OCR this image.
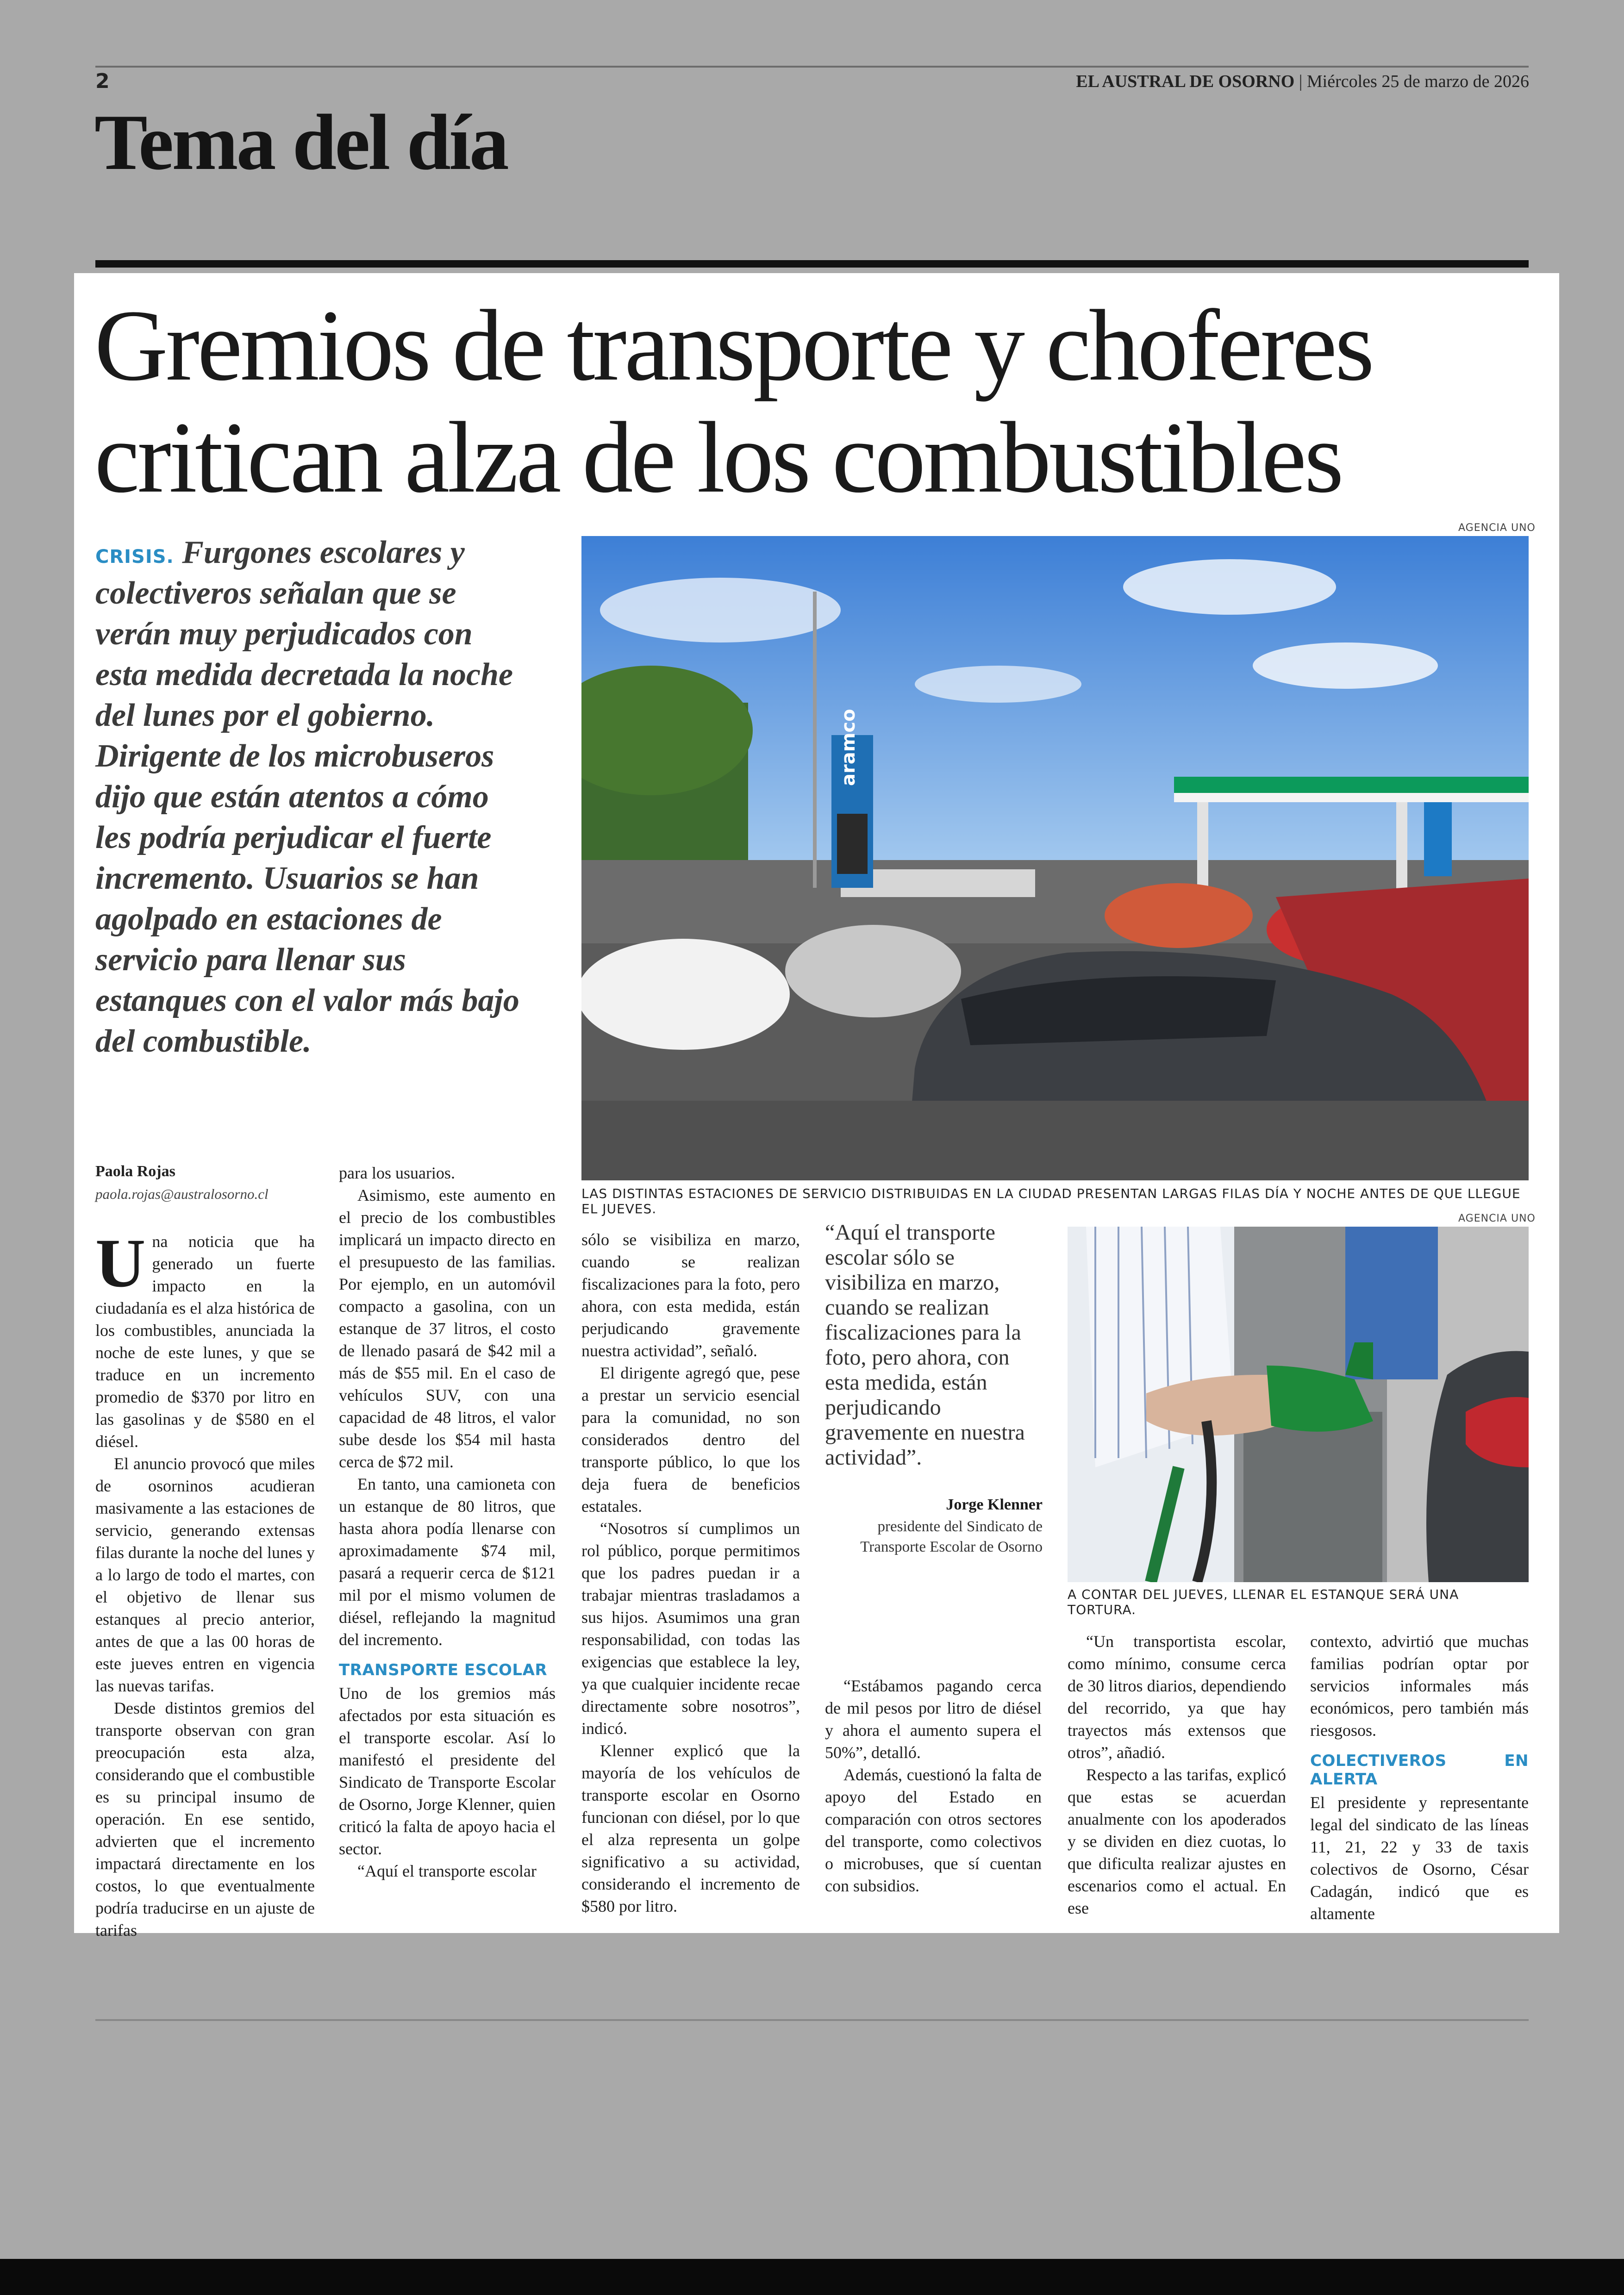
2	EL AUSTRAL DE OSORNO | Miércoles 25 de marzo de 2026
Tema del día
Gremios de transporte y choferes
critican alza de los combustibles
CRISIS. Furgones escolares y colectiveros señalan que se verán muy perjudicados con esta medida decretada la noche del lunes por el gobierno. Dirigente de los microbuseros dijo que están atentos a cómo les podría perjudicar el fuerte incremento. Usuarios se han agolpado en estaciones de servicio para llenar sus estanques con el valor más bajo del combustible.
AGENCIA UNO
aramco
LAS DISTINTAS ESTACIONES DE SERVICIO DISTRIBUIDAS EN LA CIUDAD PRESENTAN LARGAS FILAS DÍA Y NOCHE ANTES DE QUE LLEGUE EL JUEVES.
AGENCIA UNO
A CONTAR DEL JUEVES, LLENAR EL ESTANQUE SERÁ UNA TORTURA.
Paola Rojas
paola.rojas@australosorno.cl

Una noticia que ha generado un fuerte impacto en la ciudadanía es el alza histórica de los combustibles, anunciada la noche de este lunes, y que se traduce en un incremento promedio de $370 por litro en las gasolinas y de $580 en el diésel.

El anuncio provocó que miles de osorninos acudieran masivamente a las estaciones de servicio, generando extensas filas durante la noche del lunes y a lo largo de todo el martes, con el objetivo de llenar sus estanques al precio anterior, antes de que a las 00 horas de este jueves entren en vigencia las nuevas tarifas.

Desde distintos gremios del transporte observan con gran preocupación esta alza, considerando que el combustible es su principal insumo de operación. En ese sentido, advierten que el incremento impactará directamente en los costos, lo que eventualmente podría traducirse en un ajuste de tarifas

para los usuarios.

Asimismo, este aumento en el precio de los combustibles implicará un impacto directo en el presupuesto de las familias. Por ejemplo, en un automóvil compacto a gasolina, con un estanque de 37 litros, el costo de llenado pasará de $42 mil a más de $55 mil. En el caso de vehículos SUV, con una capacidad de 48 litros, el valor sube desde los $54 mil hasta cerca de $72 mil.

En tanto, una camioneta con un estanque de 80 litros, que hasta ahora podía llenarse con aproximadamente $74 mil, pasará a requerir cerca de $121 mil por el mismo volumen de diésel, reflejando la magnitud del incremento.

TRANSPORTE ESCOLAR

Uno de los gremios más afectados por esta situación es el transporte escolar. Así lo manifestó el presidente del Sindicato de Transporte Escolar de Osorno, Jorge Klenner, quien criticó la falta de apoyo hacia el sector.

“Aquí el transporte escolar

sólo se visibiliza en marzo, cuando se realizan fiscalizaciones para la foto, pero ahora, con esta medida, están perjudicando gravemente nuestra actividad”, señaló.

El dirigente agregó que, pese a prestar un servicio esencial para la comunidad, no son considerados dentro del transporte público, lo que los deja fuera de beneficios estatales.

“Nosotros sí cumplimos un rol público, porque permitimos que los padres puedan ir a trabajar mientras trasladamos a sus hijos. Asumimos una gran responsabilidad, con todas las exigencias que establece la ley, ya que cualquier incidente recae directamente sobre nosotros”, indicó.

Klenner explicó que la mayoría de los vehículos de transporte escolar en Osorno funcionan con diésel, por lo que el alza representa un golpe significativo a su actividad, considerando el incremento de $580 por litro.

“Aquí el transporte escolar sólo se visibiliza en marzo, cuando se realizan fiscalizaciones para la foto, pero ahora, con esta medida, están perjudicando gravemente en nuestra actividad”.
Jorge Klenner
presidente del Sindicato de Transporte Escolar de Osorno

“Estábamos pagando cerca de mil pesos por litro de diésel y ahora el aumento supera el 50%”, detalló.

Además, cuestionó la falta de apoyo del Estado en comparación con otros sectores del transporte, como colectivos o microbuses, que sí cuentan con subsidios.

“Un transportista escolar, como mínimo, consume cerca de 30 litros diarios, dependiendo del recorrido, ya que hay trayectos más extensos que otros”, añadió.

Respecto a las tarifas, explicó que estas se acuerdan anualmente con los apoderados y se dividen en diez cuotas, lo que dificulta realizar ajustes en escenarios como el actual. En ese

contexto, advirtió que muchas familias podrían optar por servicios informales más económicos, pero también más riesgosos.

COLECTIVEROS EN ALERTA

El presidente y representante legal del sindicato de las líneas 11, 21, 22 y 33 de taxis colectivos de Osorno, César Cadagán, indicó que es altamente
